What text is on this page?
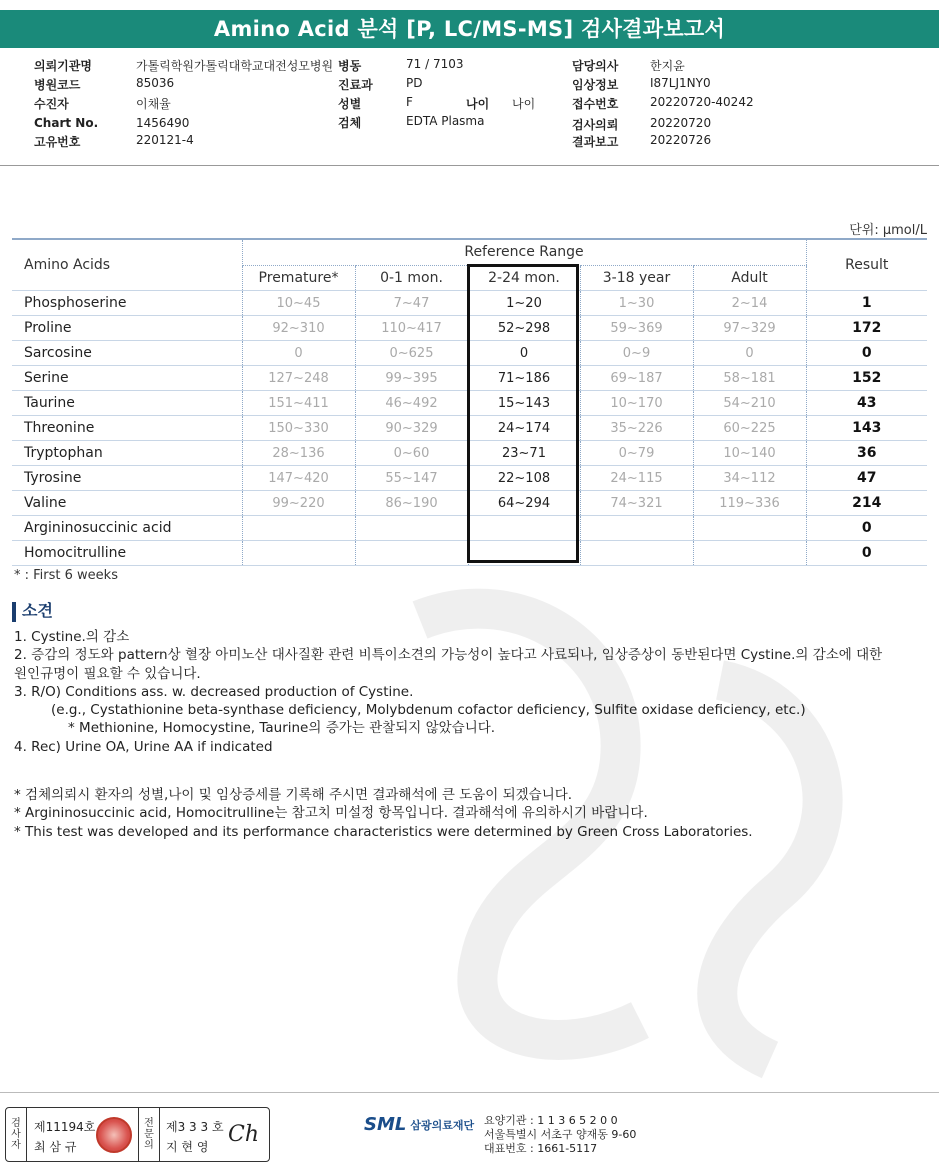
Amino Acid 분석 [P, LC/MS-MS] 검사결과보고서
의뢰기관명	가톨릭학원가톨릭대학교대전성모병원 병동	71 / 7103	담당의사	한지윤
병원코드	85036	진료과	PD	임상정보	I87LJ1NY0
수진자	이채율	성별	F	나이 나이	접수번호	20220720-40242
Chart No.	1456490	검체	EDTA Plasma	검사의뢰	20220720
고유번호	220121-4	결과보고	20220726
단위: μmol/L
Amino Acids	Reference Range					Result
	Premature*	0-1 mon.	2-24 mon.	3-18 year	Adult	
Phosphoserine	10~45	7~47	1~20	1~30	2~14	1
Proline	92~310	110~417	52~298	59~369	97~329	172
Sarcosine	0	0~625	0	0~9	0	0
Serine	127~248	99~395	71~186	69~187	58~181	152
Taurine	151~411	46~492	15~143	10~170	54~210	43
Threonine	150~330	90~329	24~174	35~226	60~225	143
Tryptophan	28~136	0~60	23~71	0~79	10~140	36
Tyrosine	147~420	55~147	22~108	24~115	34~112	47
Valine	99~220	86~190	64~294	74~321	119~336	214
Argininosuccinic acid						0
Homocitrulline						0
* : First 6 weeks
소견
1. Cystine.의 감소
2. 증감의 정도와 pattern상 혈장 아미노산 대사질환 관련 비특이소견의 가능성이 높다고 사료되나, 임상증상이 동반된다면 Cystine.의 감소에 대한
원인규명이 필요할 수 있습니다.
3. R/O) Conditions ass. w. decreased production of Cystine.
(e.g., Cystathionine beta-synthase deficiency, Molybdenum cofactor deficiency, Sulfite oxidase deficiency, etc.)
* Methionine, Homocystine, Taurine의 증가는 관찰되지 않았습니다.
4. Rec) Urine OA, Urine AA if indicated
* 검체의뢰시 환자의 성별,나이 및 임상증세를 기록해 주시면 결과해석에 큰 도움이 되겠습니다.
* Argininosuccinic acid, Homocitrulline는 참고치 미설정 항목입니다. 결과해석에 유의하시기 바랍니다.
* This test was developed and its performance characteristics were determined by Green Cross Laboratories.
검
사
자
제11194호
최 삼 규
전
문
의
제3 3 3 호
지 현 영 Ch	SML 삼광의료재단 요양기관 : 1 1 3 6 5 2 0 0
서울특별시 서초구 양재동 9-60
대표번호 : 1661-5117
